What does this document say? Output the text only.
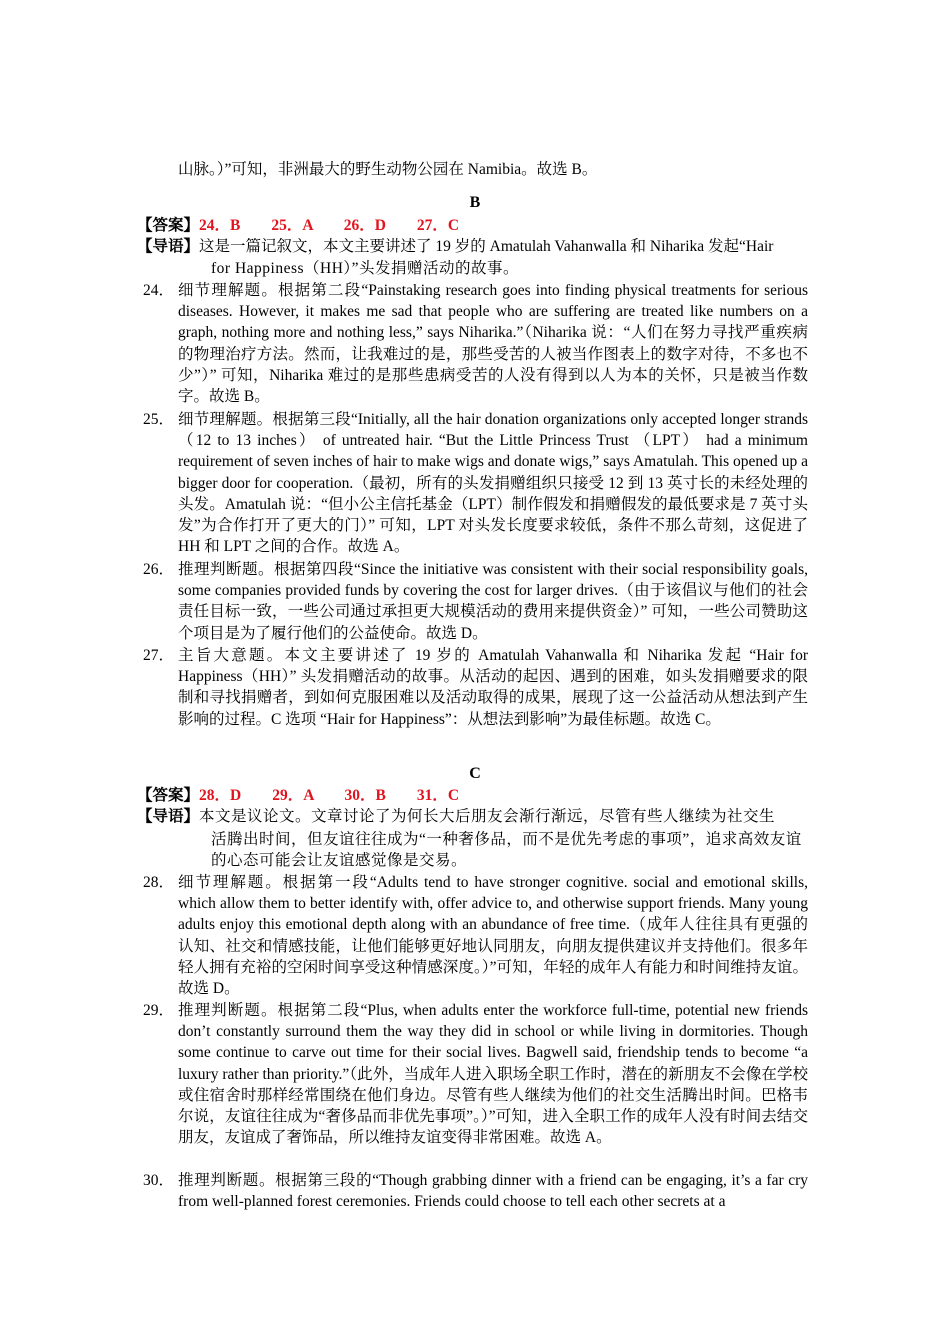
山脉。）”可知，非洲最大的野生动物公园在 Namibia。故选 B。
B
【答案】24．B　　25．A　　26．D　　27．C
【导语】这是一篇记叙文，本文主要讲述了 19 岁的 Amatulah Vahanwalla 和 Niharika 发起“Hair
for Happiness（HH）”头发捐赠活动的故事。
24． 细节理解题。根据第二段“Painstaking research goes into finding physical treatments for serious diseases. However, it makes me sad that people who are suffering are treated like numbers on a graph, nothing more and nothing less,” says Niharika.”（Niharika 说：“人们在努力寻找严重疾病的物理治疗方法。然而，让我难过的是，那些受苦的人被当作图表上的数字对待，不多也不少”）” 可知，Niharika 难过的是那些患病受苦的人没有得到以人为本的关怀，只是被当作数字。故选 B。
25． 细节理解题。根据第三段“Initially, all the hair donation organizations only accepted longer strands （12 to 13 inches） of untreated hair. “But the Little Princess Trust （LPT） had a minimum requirement of seven inches of hair to make wigs and donate wigs,” says Amatulah. This opened up a bigger door for cooperation.（最初，所有的头发捐赠组织只接受 12 到 13 英寸长的未经处理的头发。Amatulah 说：“但小公主信托基金（LPT）制作假发和捐赠假发的最低要求是 7 英寸头发”为合作打开了更大的门）” 可知，LPT 对头发长度要求较低，条件不那么苛刻，这促进了 HH 和 LPT 之间的合作。故选 A。
26． 推理判断题。根据第四段“Since the initiative was consistent with their social responsibility goals, some companies provided funds by covering the cost for larger drives.（由于该倡议与他们的社会责任目标一致，一些公司通过承担更大规模活动的费用来提供资金）” 可知，一些公司赞助这个项目是为了履行他们的公益使命。故选 D。
27． 主旨大意题。本文主要讲述了 19 岁的 Amatulah Vahanwalla 和 Niharika 发起 “Hair for Happiness（HH）” 头发捐赠活动的故事。从活动的起因、遇到的困难，如头发捐赠要求的限制和寻找捐赠者，到如何克服困难以及活动取得的成果，展现了这一公益活动从想法到产生影响的过程。C 选项 “Hair for Happiness”：从想法到影响”为最佳标题。故选 C。
C
【答案】28．D　　29．A　　30．B　　31．C
【导语】本文是议论文。文章讨论了为何长大后朋友会渐行渐远，尽管有些人继续为社交生
活腾出时间，但友谊往往成为“一种奢侈品，而不是优先考虑的事项”，追求高效友谊的心态可能会让友谊感觉像是交易。
28． 细节理解题。根据第一段“Adults tend to have stronger cognitive. social and emotional skills, which allow them to better identify with, offer advice to, and otherwise support friends. Many young adults enjoy this emotional depth along with an abundance of free time.（成年人往往具有更强的认知、社交和情感技能，让他们能够更好地认同朋友，向朋友提供建议并支持他们。很多年轻人拥有充裕的空闲时间享受这种情感深度。）”可知，年轻的成年人有能力和时间维持友谊。故选 D。
29． 推理判断题。根据第二段“Plus, when adults enter the workforce full-time, potential new friends don’t constantly surround them the way they did in school or while living in dormitories. Though some continue to carve out time for their social lives. Bagwell said, friendship tends to become “a luxury rather than priority.”（此外，当成年人进入职场全职工作时，潜在的新朋友不会像在学校或住宿舍时那样经常围绕在他们身边。尽管有些人继续为他们的社交生活腾出时间。巴格韦尔说，友谊往往成为“奢侈品而非优先事项”。）”可知，进入全职工作的成年人没有时间去结交朋友，友谊成了奢饰品，所以维持友谊变得非常困难。故选 A。
30． 推理判断题。根据第三段的“Though grabbing dinner with a friend can be engaging, it’s a far cry from well-planned forest ceremonies. Friends could choose to tell each other secrets at a
